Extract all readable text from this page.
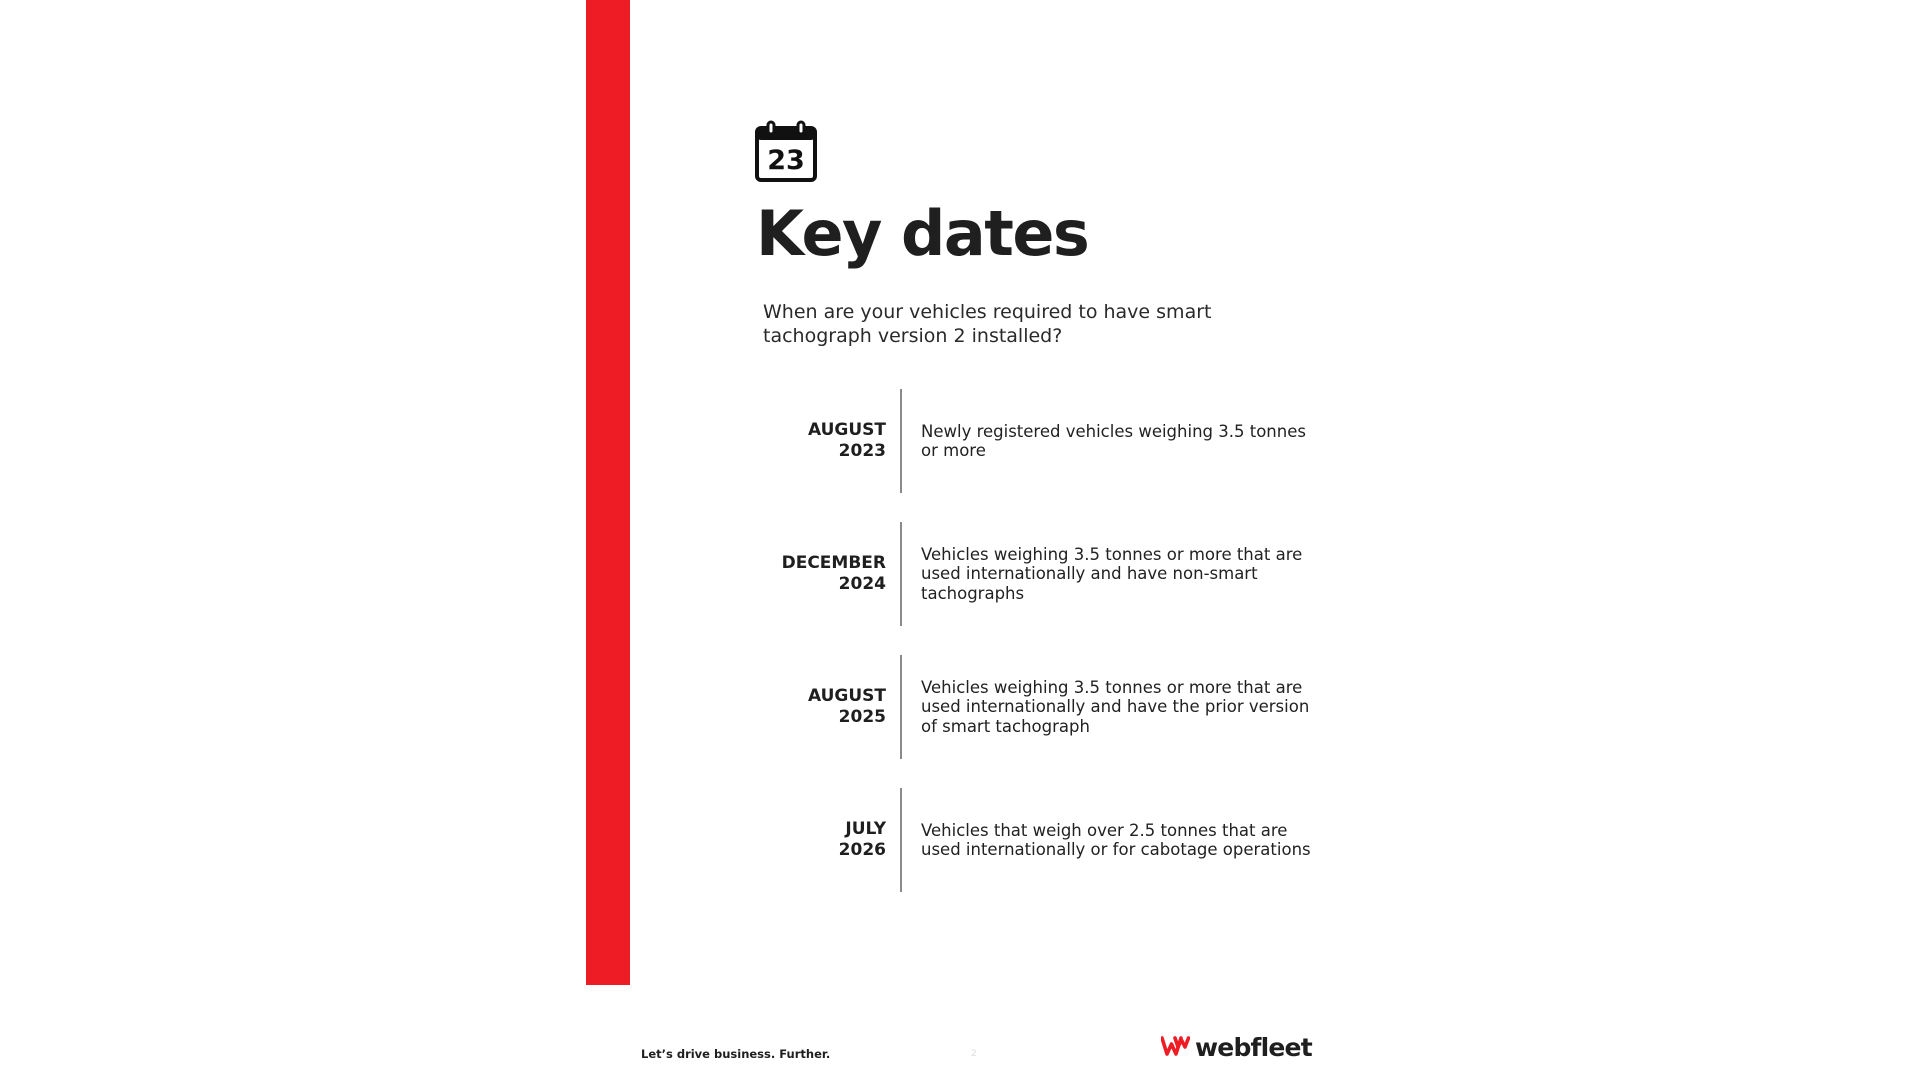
23
Key dates

When are your vehicles required to have smart tachograph version 2 installed?

AUGUST
2023
Newly registered vehicles weighing 3.5 tonnes or more
DECEMBER
2024
Vehicles weighing 3.5 tonnes or more that are used internationally and have non-smart tachographs
AUGUST
2025
Vehicles weighing 3.5 tonnes or more that are used internationally and have the prior version of smart tachograph
JULY
2026
Vehicles that weigh over 2.5 tonnes that are used internationally or for cabotage operations
Let’s drive business. Further.	2	webfleet
